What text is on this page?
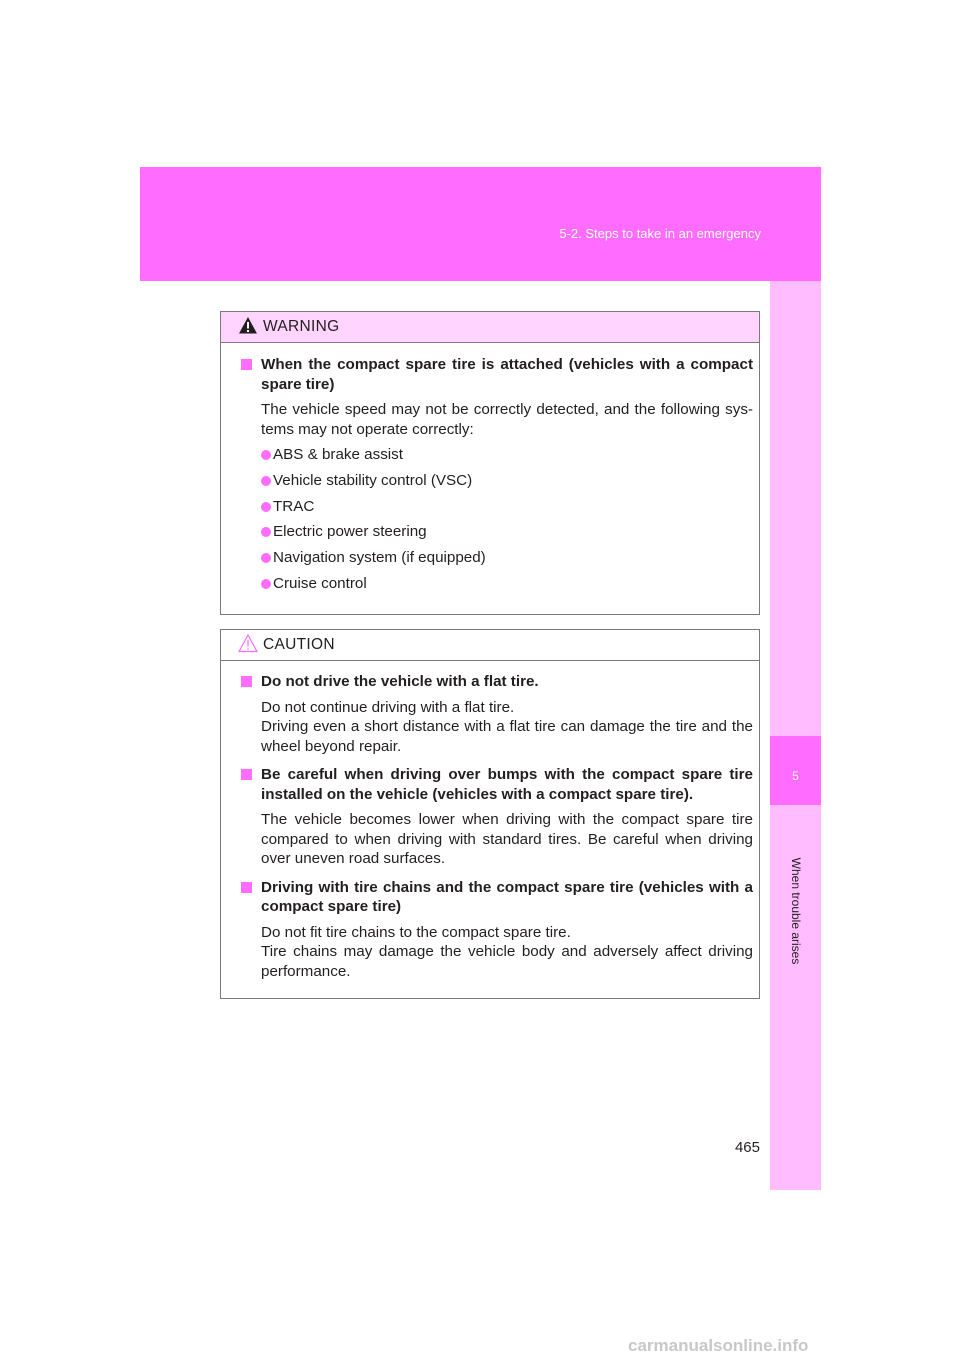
5-2. Steps to take in an emergency
5
When trouble arises
WARNING
When the compact spare tire is attached (vehicles with a compact spare tire)
The vehicle speed may not be correctly detected, and the following sys-tems may not operate correctly:
ABS & brake assist
Vehicle stability control (VSC)
TRAC
Electric power steering
Navigation system (if equipped)
Cruise control
CAUTION
Do not drive the vehicle with a flat tire.

Do not continue driving with a flat tire.

Driving even a short distance with a flat tire can damage the tire and the wheel beyond repair.

Be careful when driving over bumps with the compact spare tire installed on the vehicle (vehicles with a compact spare tire).

The vehicle becomes lower when driving with the compact spare tire compared to when driving with standard tires. Be careful when driving over uneven road surfaces.

Driving with tire chains and the compact spare tire (vehicles with a compact spare tire)

Do not fit tire chains to the compact spare tire.

Tire chains may damage the vehicle body and adversely affect driving performance.

465
carmanualsonline.info
